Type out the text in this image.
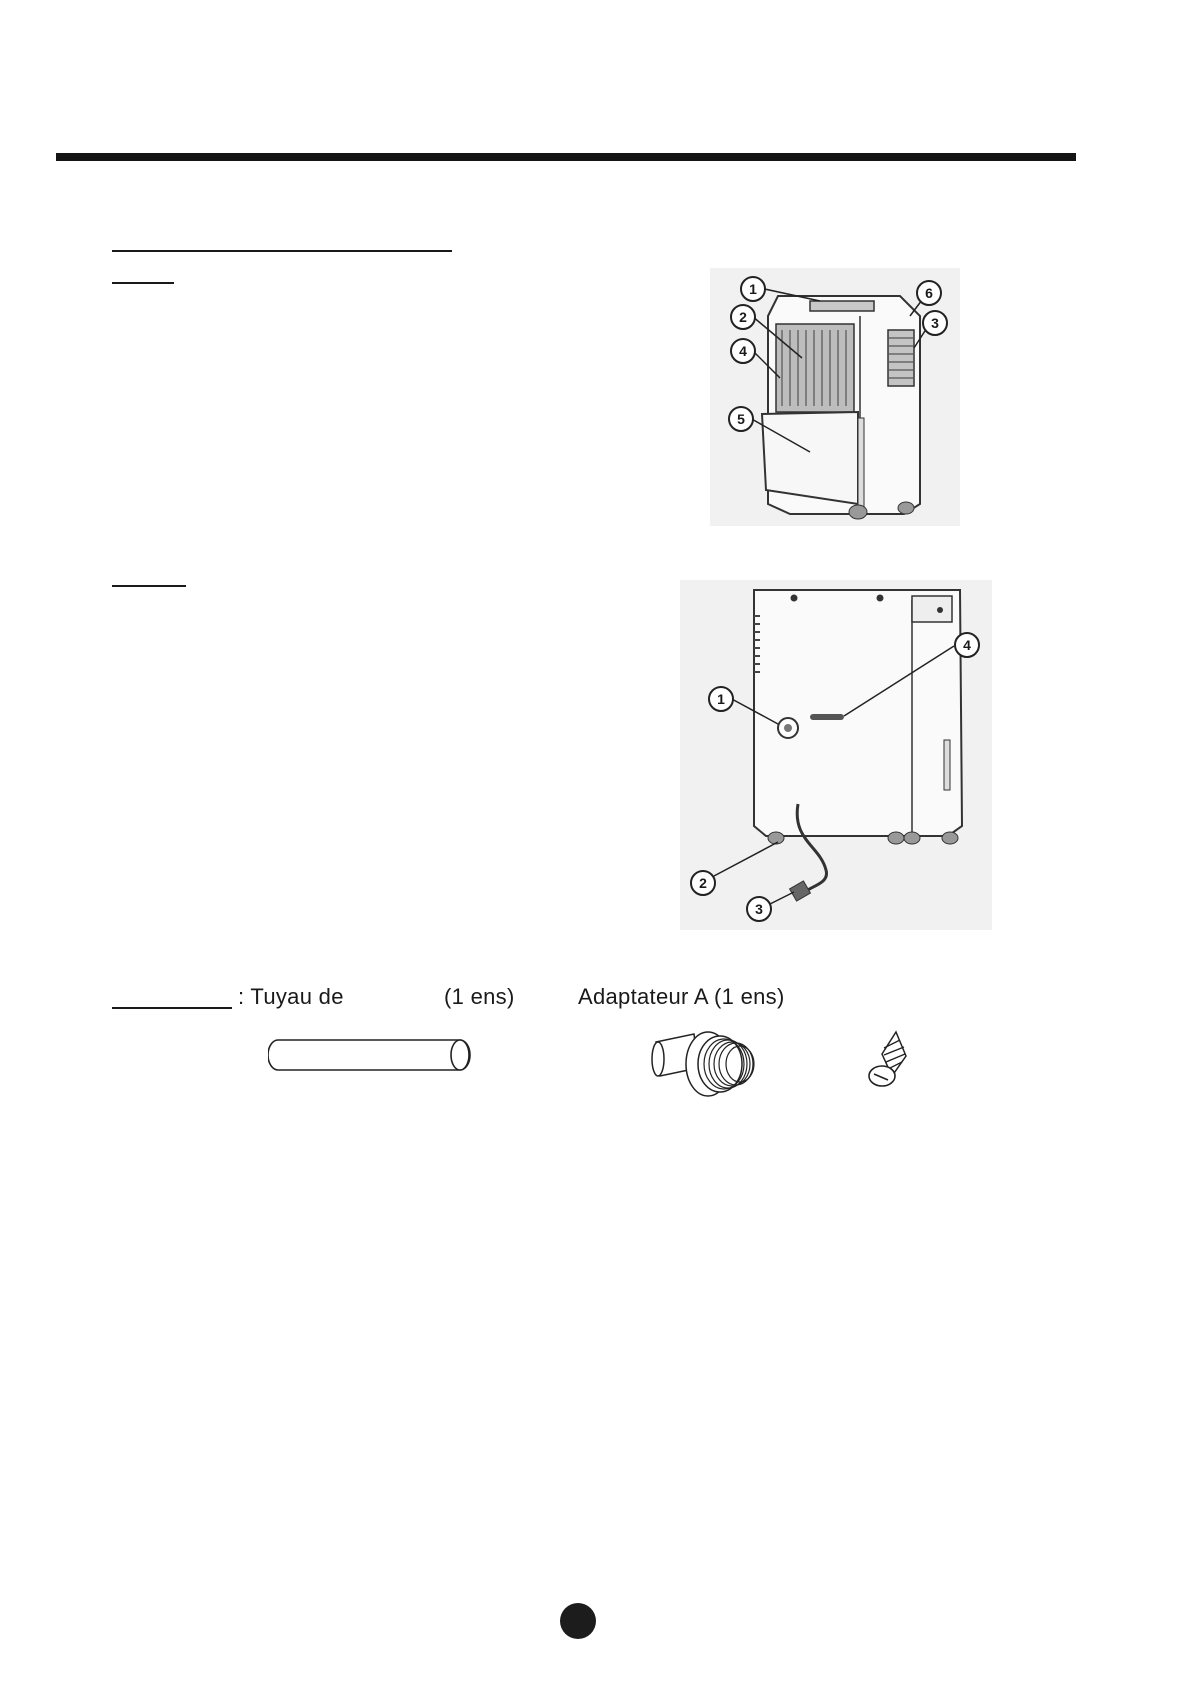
1
2	3
4
5
6
1
2
3
4
: Tuyau de	(1 ens)	Adaptateur A (1 ens)
